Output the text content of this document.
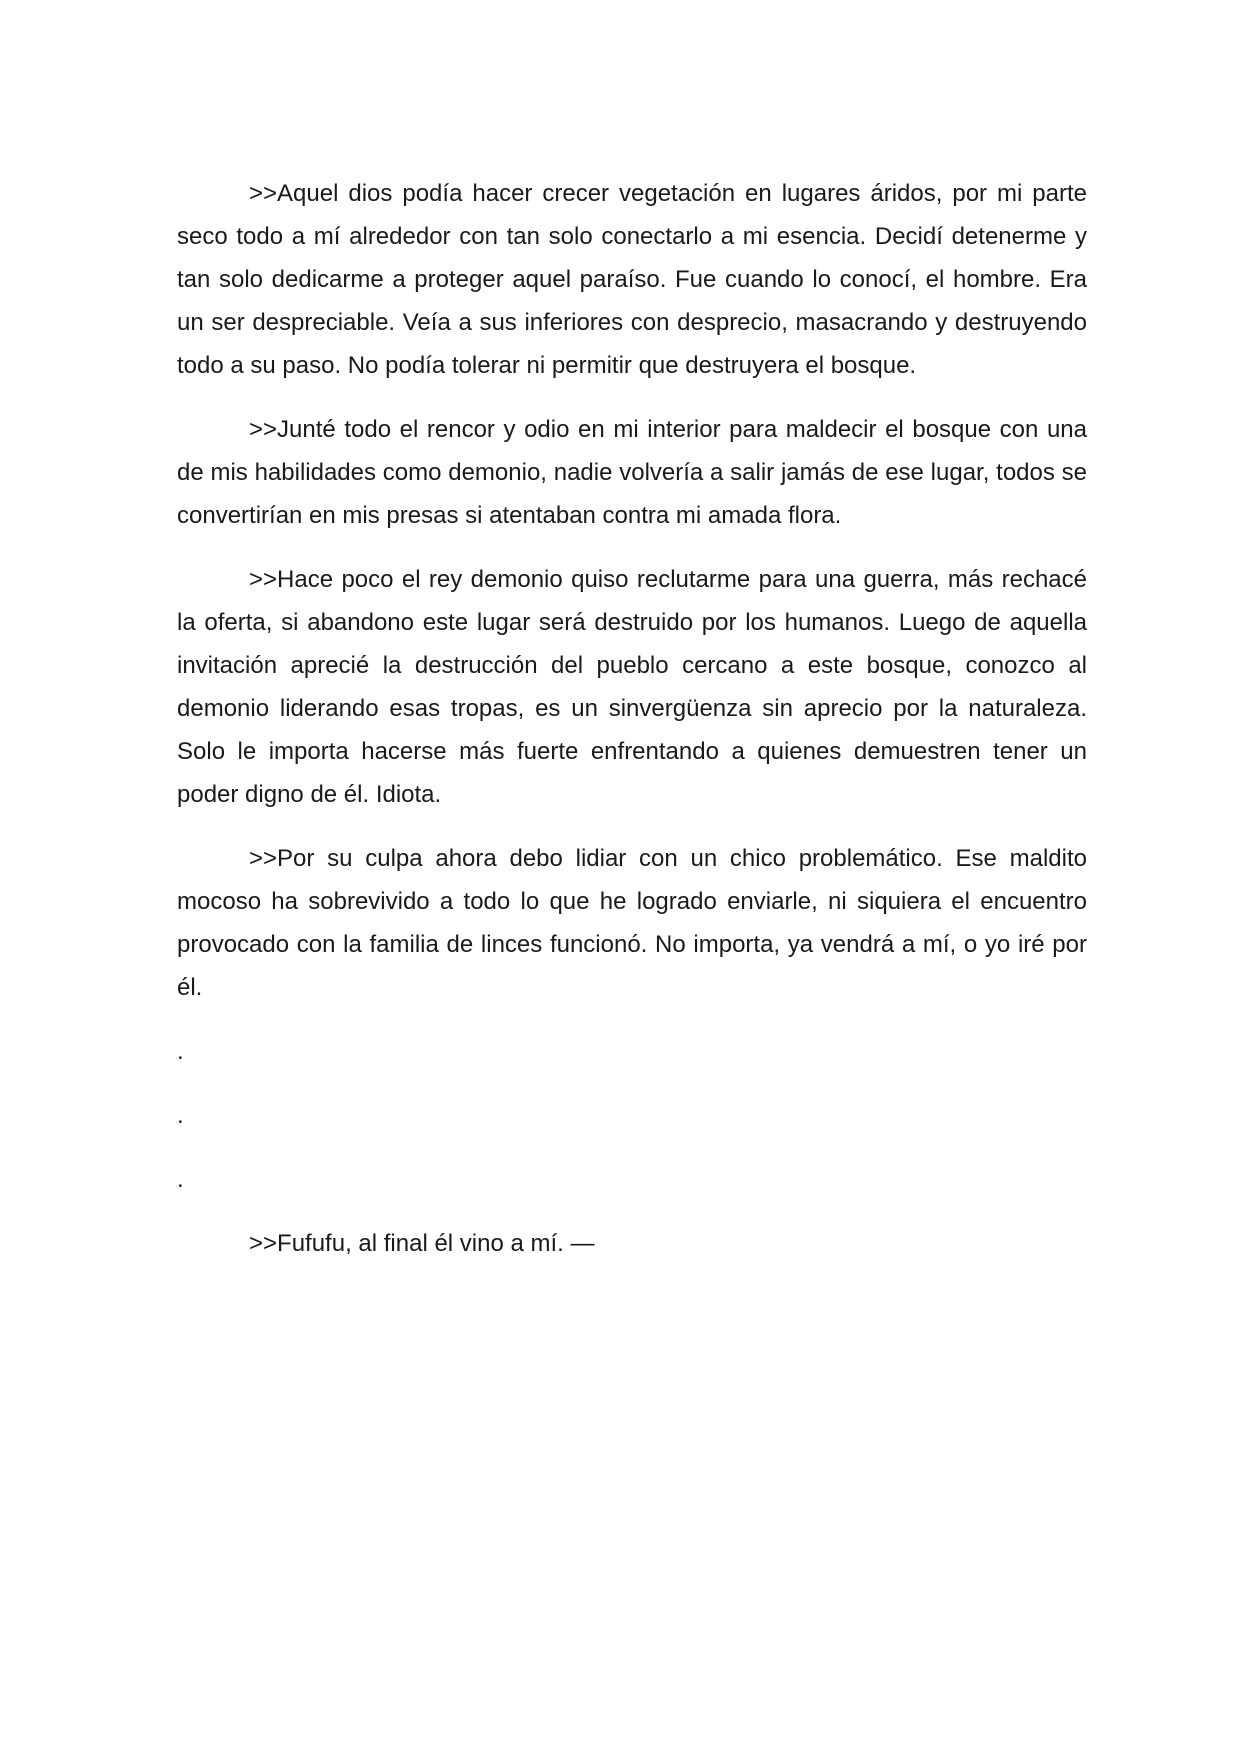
>>Aquel dios podía hacer crecer vegetación en lugares áridos, por mi parte seco todo a mí alrededor con tan solo conectarlo a mi esencia. Decidí detenerme y tan solo dedicarme a proteger aquel paraíso. Fue cuando lo conocí, el hombre. Era un ser despreciable. Veía a sus inferiores con desprecio, masacrando y destruyendo todo a su paso. No podía tolerar ni permitir que destruyera el bosque.

>>Junté todo el rencor y odio en mi interior para maldecir el bosque con una de mis habilidades como demonio, nadie volvería a salir jamás de ese lugar, todos se convertirían en mis presas si atentaban contra mi amada flora.

>>Hace poco el rey demonio quiso reclutarme para una guerra, más rechacé la oferta, si abandono este lugar será destruido por los humanos. Luego de aquella invitación aprecié la destrucción del pueblo cercano a este bosque, conozco al demonio liderando esas tropas, es un sinvergüenza sin aprecio por la naturaleza. Solo le importa hacerse más fuerte enfrentando a quienes demuestren tener un poder digno de él. Idiota.

>>Por su culpa ahora debo lidiar con un chico problemático. Ese maldito mocoso ha sobrevivido a todo lo que he logrado enviarle, ni siquiera el encuentro provocado con la familia de linces funcionó. No importa, ya vendrá a mí, o yo iré por él.

.

.

.

>>Fufufu, al final él vino a mí. —
